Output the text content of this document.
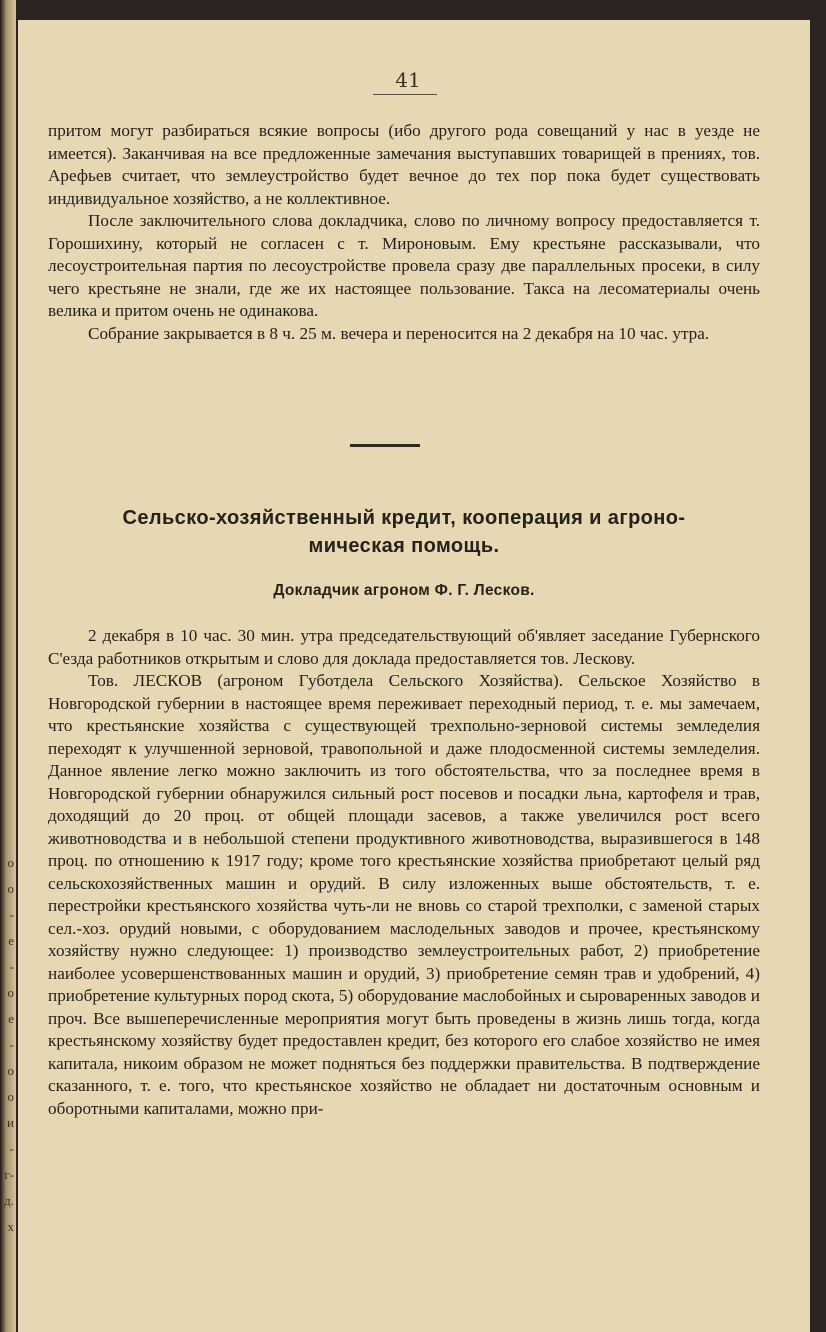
о
о
-
е
-
о
е
-
о
о
и
-
г-
д.
х
41

притом могут разбираться всякие вопросы (ибо другого рода совещаний у нас в уезде не имеется). Заканчивая на все предложенные замечания выступавших товарищей в прениях, тов. Арефьев считает, что землеустройство будет вечное до тех пор пока будет существовать индивидуальное хозяйство, а не коллективное.

После заключительного слова докладчика, слово по личному вопросу предоставляется т. Горошихину, который не согласен с т. Мироновым. Ему крестьяне рассказывали, что лесоустроительная партия по лесоустройстве провела сразу две параллельных просеки, в силу чего крестьяне не знали, где же их настоящее пользование. Такса на лесоматериалы очень велика и притом очень не одинакова.

Собрание закрывается в 8 ч. 25 м. вечера и переносится на 2 декабря на 10 час. утра.

Сельско-хозяйственный кредит, кооперация и агроно-
мическая помощь.
Докладчик агроном Ф. Г. Лесков.

2 декабря в 10 час. 30 мин. утра председательствующий об'являет заседание Губернского С'езда работников открытым и слово для доклада предоставляется тов. Лескову.

Тов. ЛЕСКОВ (агроном Губотдела Сельского Хозяйства). Сельское Хозяйство в Новгородской губернии в настоящее время переживает переходный период, т. е. мы замечаем, что крестьянские хозяйства с существующей трехпольно-зерновой системы земледелия переходят к улучшенной зерновой, травопольной и даже плодосменной системы земледелия. Данное явление легко можно заключить из того обстоятельства, что за последнее время в Новгородской губернии обнаружился сильный рост посевов и посадки льна, картофеля и трав, доходящий до 20 проц. от общей площади засевов, а также увеличился рост всего животноводства и в небольшой степени продуктивного животноводства, выразившегося в 148 проц. по отношению к 1917 году; кроме того крестьянские хозяйства приобретают целый ряд сельскохозяйственных машин и орудий. В силу изложенных выше обстоятельств, т. е. перестройки крестьянского хозяйства чуть-ли не вновь со старой трехполки, с заменой старых сел.-хоз. орудий новыми, с оборудованием маслодельных заводов и прочее, крестьянскому хозяйству нужно следующее: 1) производство землеустроительных работ, 2) приобретение наиболее усовершенствованных машин и орудий, 3) приобретение семян трав и удобрений, 4) приобретение культурных пород скота, 5) оборудование маслобойных и сыроваренных заводов и проч. Все вышеперечисленные мероприятия могут быть проведены в жизнь лишь тогда, когда крестьянскому хозяйству будет предоставлен кредит, без которого его слабое хозяйство не имея капитала, никоим образом не может подняться без поддержки правительства. В подтверждение сказанного, т. е. того, что крестьянское хозяйство не обладает ни достаточным основным и оборотными капиталами, можно при-
